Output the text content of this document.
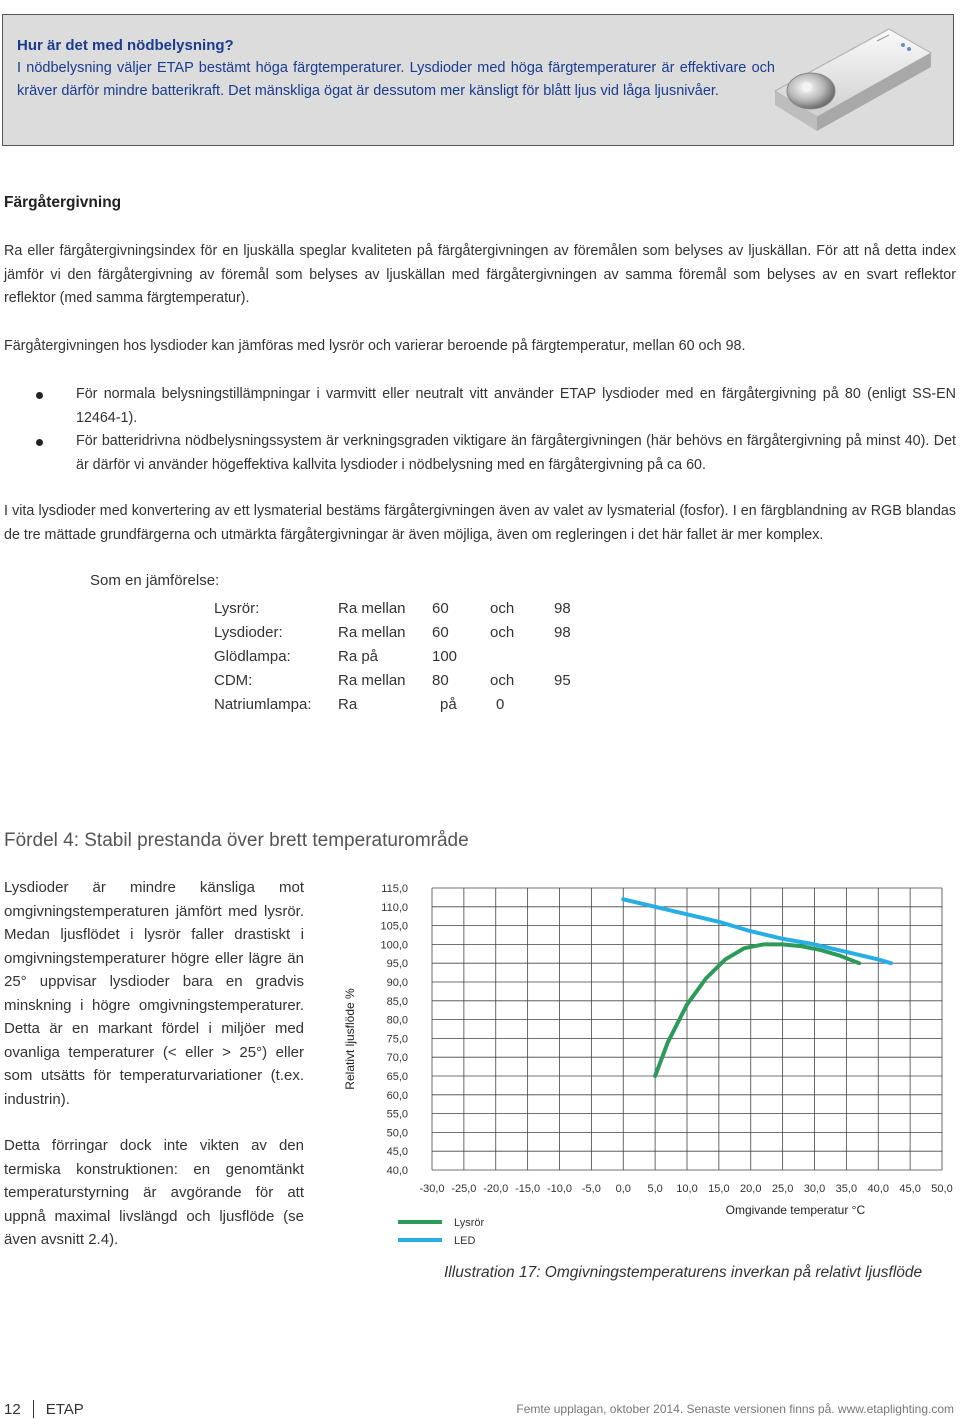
Hur är det med nödbelysning?
I nödbelysning väljer ETAP bestämt höga färgtemperaturer. Lysdioder med höga färgtemperaturer är effektivare och kräver därför mindre batterikraft. Det mänskliga ögat är dessutom mer känsligt för blått ljus vid låga ljusnivåer.
Färgåtergivning
Ra eller färgåtergivningsindex för en ljuskälla speglar kvaliteten på färgåtergivningen av föremålen som belyses av ljuskällan. För att nå detta index jämför vi den färgåtergivning av föremål som belyses av ljuskällan med färgåtergivningen av samma föremål som belyses av en svart reflektor reflektor (med samma färgtemperatur).
Färgåtergivningen hos lysdioder kan jämföras med lysrör och varierar beroende på färgtemperatur, mellan 60 och 98.
För normala belysningstillämpningar i varmvitt eller neutralt vitt använder ETAP lysdioder med en färgåtergivning på 80 (enligt SS-EN 12464-1).
För batteridrivna nödbelysningssystem är verkningsgraden viktigare än färgåtergivningen (här behövs en färgåtergivning på minst 40). Det är därför vi använder högeffektiva kallvita lysdioder i nödbelysning med en färgåtergivning på ca 60.
I vita lysdioder med konvertering av ett lysmaterial bestäms färgåtergivningen även av valet av lysmaterial (fosfor). I en färgblandning av RGB blandas de tre mättade grundfärgerna och utmärkta färgåtergivningar är även möjliga, även om regleringen i det här fallet är mer komplex.
Som en jämförelse:
Lysrör:	Ra mellan	60	och	98
Lysdioder:	Ra mellan	60	och	98
Glödlampa:	Ra på	100		
CDM:	Ra mellan	80	och	95
Natriumlampa:	Ra	på	0	
Fördel 4: Stabil prestanda över brett temperaturområde

Lysdioder är mindre känsliga mot omgivningstemperaturen jämfört med lysrör. Medan ljusflödet i lysrör faller drastiskt i omgivningstemperaturer högre eller lägre än 25° uppvisar lysdioder bara en gradvis minskning i högre omgivningstemperaturer. Detta är en markant fördel i miljöer med ovanliga temperaturer (< eller > 25°) eller som utsätts för temperaturvariationer (t.ex. industrin).

Detta förringar dock inte vikten av den termiska konstruktionen: en genomtänkt temperaturstyrning är avgörande för att uppnå maximal livslängd och ljusflöde (se även avsnitt 2.4).

115,0
110,0
105,0
100,0
95,0
90,0
85,0
80,0
75,0
70,0
65,0
60,0
55,0
50,0
45,0
40,0
-30,0 -25,0 -20,0 -15,0 -10,0 -5,0 0,0 5,0 10,0 15,0 20,0 25,0 30,0 35,0 40,0 45,0 50,0
Relativt ljusflöde %
Omgivande temperatur °C
Lysrör
LED
Illustration 17: Omgivningstemperaturens inverkan på relativt ljusflöde
12 ETAP	Femte upplagan, oktober 2014. Senaste versionen finns på. www.etaplighting.com
